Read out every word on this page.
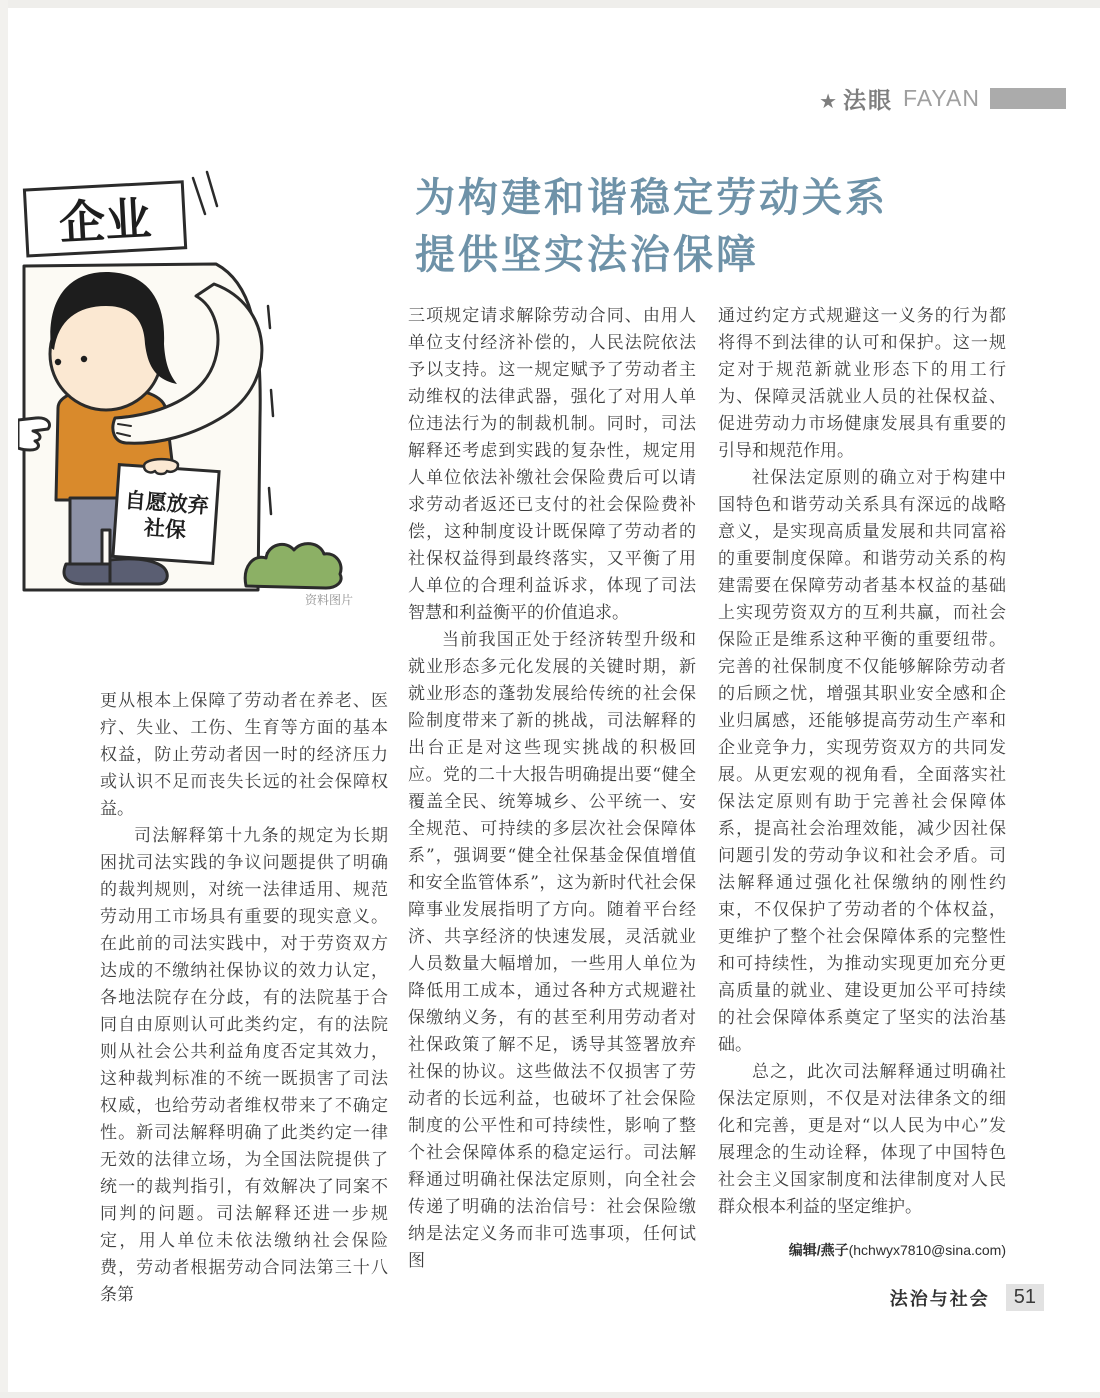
★ 法眼 FAYAN
为构建和谐稳定劳动关系
提供坚实法治保障
企业
自愿放弃
社保
资料图片

更从根本上保障了劳动者在养老、医疗、失业、工伤、生育等方面的基本权益，防止劳动者因一时的经济压力或认识不足而丧失长远的社会保障权益。

司法解释第十九条的规定为长期困扰司法实践的争议问题提供了明确的裁判规则，对统一法律适用、规范劳动用工市场具有重要的现实意义。在此前的司法实践中，对于劳资双方达成的不缴纳社保协议的效力认定，各地法院存在分歧，有的法院基于合同自由原则认可此类约定，有的法院则从社会公共利益角度否定其效力，这种裁判标准的不统一既损害了司法权威，也给劳动者维权带来了不确定性。新司法解释明确了此类约定一律无效的法律立场，为全国法院提供了统一的裁判指引，有效解决了同案不同判的问题。司法解释还进一步规定，用人单位未依法缴纳社会保险费，劳动者根据劳动合同法第三十八条第

三项规定请求解除劳动合同、由用人单位支付经济补偿的，人民法院依法予以支持。这一规定赋予了劳动者主动维权的法律武器，强化了对用人单位违法行为的制裁机制。同时，司法解释还考虑到实践的复杂性，规定用人单位依法补缴社会保险费后可以请求劳动者返还已支付的社会保险费补偿，这种制度设计既保障了劳动者的社保权益得到最终落实，又平衡了用人单位的合理利益诉求，体现了司法智慧和利益衡平的价值追求。

当前我国正处于经济转型升级和就业形态多元化发展的关键时期，新就业形态的蓬勃发展给传统的社会保险制度带来了新的挑战，司法解释的出台正是对这些现实挑战的积极回应。党的二十大报告明确提出要“健全覆盖全民、统筹城乡、公平统一、安全规范、可持续的多层次社会保障体系”，强调要“健全社保基金保值增值和安全监管体系”，这为新时代社会保障事业发展指明了方向。随着平台经济、共享经济的快速发展，灵活就业人员数量大幅增加，一些用人单位为降低用工成本，通过各种方式规避社保缴纳义务，有的甚至利用劳动者对社保政策了解不足，诱导其签署放弃社保的协议。这些做法不仅损害了劳动者的长远利益，也破坏了社会保险制度的公平性和可持续性，影响了整个社会保障体系的稳定运行。司法解释通过明确社保法定原则，向全社会传递了明确的法治信号：社会保险缴纳是法定义务而非可选事项，任何试图

通过约定方式规避这一义务的行为都将得不到法律的认可和保护。这一规定对于规范新就业形态下的用工行为、保障灵活就业人员的社保权益、促进劳动力市场健康发展具有重要的引导和规范作用。

社保法定原则的确立对于构建中国特色和谐劳动关系具有深远的战略意义，是实现高质量发展和共同富裕的重要制度保障。和谐劳动关系的构建需要在保障劳动者基本权益的基础上实现劳资双方的互利共赢，而社会保险正是维系这种平衡的重要纽带。完善的社保制度不仅能够解除劳动者的后顾之忧，增强其职业安全感和企业归属感，还能够提高劳动生产率和企业竞争力，实现劳资双方的共同发展。从更宏观的视角看，全面落实社保法定原则有助于完善社会保障体系，提高社会治理效能，减少因社保问题引发的劳动争议和社会矛盾。司法解释通过强化社保缴纳的刚性约束，不仅保护了劳动者的个体权益，更维护了整个社会保障体系的完整性和可持续性，为推动实现更加充分更高质量的就业、建设更加公平可持续的社会保障体系奠定了坚实的法治基础。

总之，此次司法解释通过明确社保法定原则，不仅是对法律条文的细化和完善，更是对“以人民为中心”发展理念的生动诠释，体现了中国特色社会主义国家制度和法律制度对人民群众根本利益的坚定维护。

编辑/燕子(hchwyx7810@sina.com)
法治与社会	51
